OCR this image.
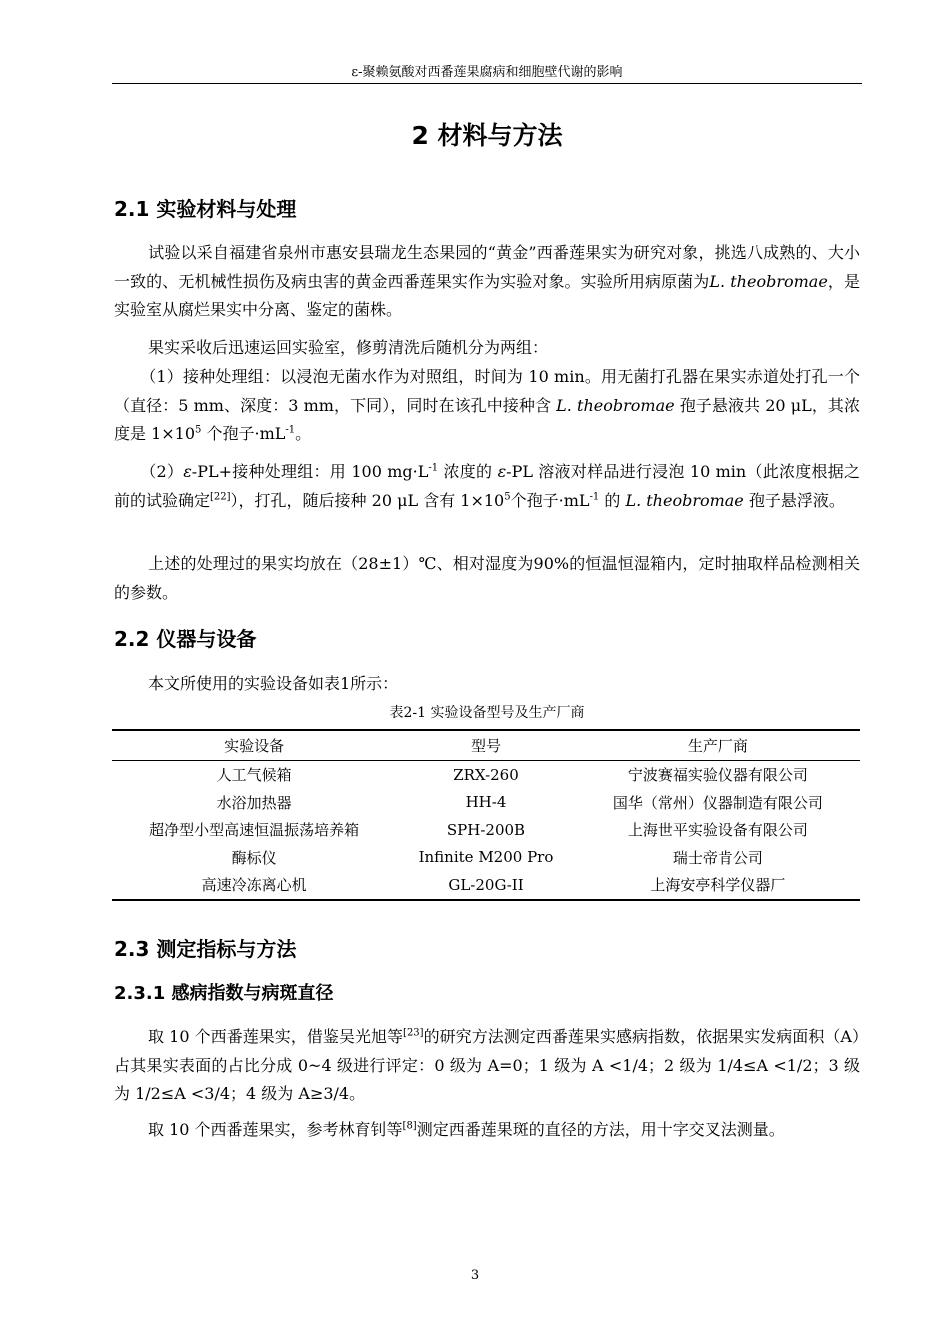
ε-聚赖氨酸对西番莲果腐病和细胞壁代谢的影响
2 材料与方法
2.1 实验材料与处理

试验以采自福建省泉州市惠安县瑞龙生态果园的“黄金”西番莲果实为研究对象，挑选八成熟的、大小一致的、无机械性损伤及病虫害的黄金西番莲果实作为实验对象。实验所用病原菌为L. theobromae，是实验室从腐烂果实中分离、鉴定的菌株。

果实采收后迅速运回实验室，修剪清洗后随机分为两组：

（1）接种处理组：以浸泡无菌水作为对照组，时间为 10 min。用无菌打孔器在果实赤道处打孔一个（直径：5 mm、深度：3 mm，下同），同时在该孔中接种含 L. theobromae 孢子悬液共 20 μL，其浓度是 $1\times 10^5$ 个孢子$\cdot mL^{-1}$。

（2）ε-PL+接种处理组：用 100 $mg\cdot L^{-1}$ 浓度的 ε-PL 溶液对样品进行浸泡 10 min（此浓度根据之前的试验确定[22]），打孔，随后接种 20 μL 含有 $1\times 10^5$个孢子$\cdot mL^{-1}$ 的 L. theobromae 孢子悬浮液。

上述的处理过的果实均放在（28±1）℃、相对湿度为90%的恒温恒湿箱内，定时抽取样品检测相关的参数。

2.2 仪器与设备

本文所使用的实验设备如表1所示：

表2-1 实验设备型号及生产厂商
实验设备	型号	生产厂商
人工气候箱	ZRX-260	宁波赛福实验仪器有限公司
水浴加热器	HH-4	国华（常州）仪器制造有限公司
超净型小型高速恒温振荡培养箱	SPH-200B	上海世平实验设备有限公司
酶标仪	Infinite M200 Pro	瑞士帝肯公司
高速冷冻离心机	GL-20G-II	上海安亭科学仪器厂
2.3 测定指标与方法
2.3.1 感病指数与病斑直径

取 10 个西番莲果实，借鉴吴光旭等[23]的研究方法测定西番莲果实感病指数，依据果实发病面积（A）占其果实表面的占比分成 0~4 级进行评定：0 级为 A=0；1 级为 A <1/4；2 级为 1/4≤A <1/2；3 级为 1/2≤A <3/4；4 级为 A≥3/4。

取 10 个西番莲果实，参考林育钊等[8]测定西番莲果斑的直径的方法，用十字交叉法测量。

3
